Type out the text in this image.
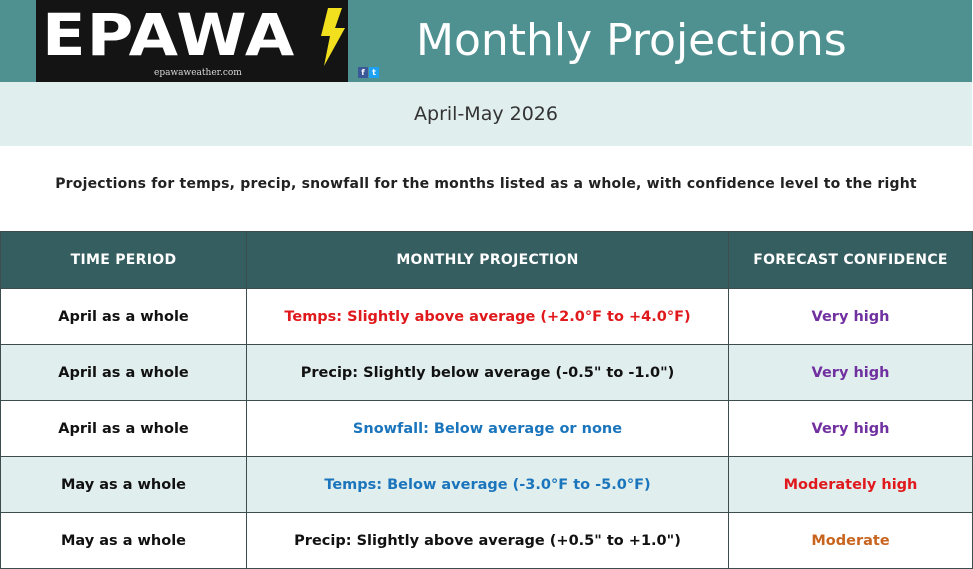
EPAWA
epawaweather.com	f t
Monthly Projections
April-May 2026
Projections for temps, precip, snowfall for the months listed as a whole, with confidence level to the right
TIME PERIOD	MONTHLY PROJECTION	FORECAST CONFIDENCE
April as a whole	Temps: Slightly above average (+2.0°F to +4.0°F)	Very high
April as a whole	Precip: Slightly below average (-0.5" to -1.0")	Very high
April as a whole	Snowfall: Below average or none	Very high
May as a whole	Temps: Below average (-3.0°F to -5.0°F)	Moderately high
May as a whole	Precip: Slightly above average (+0.5" to +1.0")	Moderate
